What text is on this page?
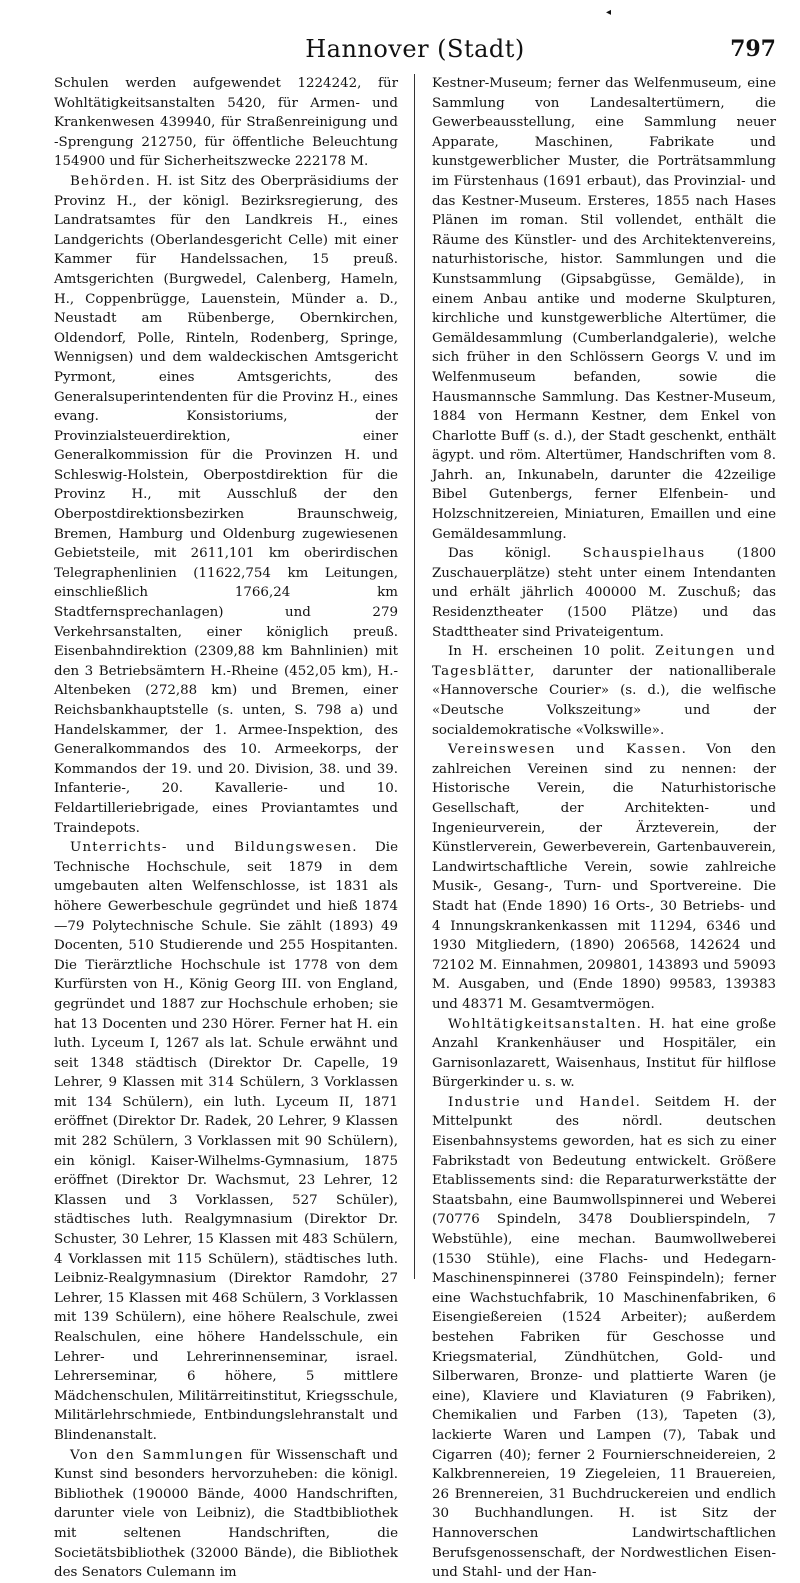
◂
Hannover (Stadt)	797

Schulen werden aufgewendet 1224242, für Wohltätigkeitsanstalten 5420, für Armen- und Krankenwesen 439940, für Straßenreinigung und -Sprengung 212750, für öffentliche Beleuchtung 154900 und für Sicherheitszwecke 222178 M.

Behörden. H. ist Sitz des Oberpräsidiums der Provinz H., der königl. Bezirksregierung, des Landratsamtes für den Landkreis H., eines Landgerichts (Oberlandesgericht Celle) mit einer Kammer für Handelssachen, 15 preuß. Amtsgerichten (Burgwedel, Calenberg, Hameln, H., Coppenbrügge, Lauenstein, Münder a. D., Neustadt am Rübenberge, Obernkirchen, Oldendorf, Polle, Rinteln, Rodenberg, Springe, Wennigsen) und dem waldeckischen Amtsgericht Pyrmont, eines Amtsgerichts, des Generalsuperintendenten für die Provinz H., eines evang. Konsistoriums, der Provinzialsteuerdirektion, einer Generalkommission für die Provinzen H. und Schleswig-Holstein, Oberpostdirektion für die Provinz H., mit Ausschluß der den Oberpostdirektionsbezirken Braunschweig, Bremen, Hamburg und Oldenburg zugewiesenen Gebietsteile, mit 2611,101 km oberirdischen Telegraphenlinien (11622,754 km Leitungen, einschließlich 1766,24 km Stadtfernsprechanlagen) und 279 Verkehrsanstalten, einer königlich preuß. Eisenbahndirektion (2309,88 km Bahnlinien) mit den 3 Betriebsämtern H.-Rheine (452,05 km), H.-Altenbeken (272,88 km) und Bremen, einer Reichsbankhauptstelle (s. unten, S. 798 a) und Handelskammer, der 1. Armee-Inspektion, des Generalkommandos des 10. Armeekorps, der Kommandos der 19. und 20. Division, 38. und 39. Infanterie-, 20. Kavallerie- und 10. Feldartilleriebrigade, eines Proviantamtes und Traindepots.

Unterrichts- und Bildungswesen. Die Technische Hochschule, seit 1879 in dem umgebauten alten Welfenschlosse, ist 1831 als höhere Gewerbeschule gegründet und hieß 1874—79 Polytechnische Schule. Sie zählt (1893) 49 Docenten, 510 Studierende und 255 Hospitanten. Die Tierärztliche Hochschule ist 1778 von dem Kurfürsten von H., König Georg III. von England, gegründet und 1887 zur Hochschule erhoben; sie hat 13 Docenten und 230 Hörer. Ferner hat H. ein luth. Lyceum I, 1267 als lat. Schule erwähnt und seit 1348 städtisch (Direktor Dr. Capelle, 19 Lehrer, 9 Klassen mit 314 Schülern, 3 Vorklassen mit 134 Schülern), ein luth. Lyceum II, 1871 eröffnet (Direktor Dr. Radek, 20 Lehrer, 9 Klassen mit 282 Schülern, 3 Vorklassen mit 90 Schülern), ein königl. Kaiser-Wilhelms-Gymnasium, 1875 eröffnet (Direktor Dr. Wachsmut, 23 Lehrer, 12 Klassen und 3 Vorklassen, 527 Schüler), städtisches luth. Realgymnasium (Direktor Dr. Schuster, 30 Lehrer, 15 Klassen mit 483 Schülern, 4 Vorklassen mit 115 Schülern), städtisches luth. Leibniz-Realgymnasium (Direktor Ramdohr, 27 Lehrer, 15 Klassen mit 468 Schülern, 3 Vorklassen mit 139 Schülern), eine höhere Realschule, zwei Realschulen, eine höhere Handelsschule, ein Lehrer- und Lehrerinnenseminar, israel. Lehrerseminar, 6 höhere, 5 mittlere Mädchenschulen, Militärreitinstitut, Kriegsschule, Militärlehrschmiede, Entbindungslehranstalt und Blindenanstalt.

Von den Sammlungen für Wissenschaft und Kunst sind besonders hervorzuheben: die königl. Bibliothek (190000 Bände, 4000 Handschriften, darunter viele von Leibniz), die Stadtbibliothek mit seltenen Handschriften, die Societätsbibliothek (32000 Bände), die Bibliothek des Senators Culemann im

Kestner-Museum; ferner das Welfenmuseum, eine Sammlung von Landesaltertümern, die Gewerbeausstellung, eine Sammlung neuer Apparate, Maschinen, Fabrikate und kunstgewerblicher Muster, die Porträtsammlung im Fürstenhaus (1691 erbaut), das Provinzial- und das Kestner-Museum. Ersteres, 1855 nach Hases Plänen im roman. Stil vollendet, enthält die Räume des Künstler- und des Architektenvereins, naturhistorische, histor. Sammlungen und die Kunstsammlung (Gipsabgüsse, Gemälde), in einem Anbau antike und moderne Skulpturen, kirchliche und kunstgewerbliche Altertümer, die Gemäldesammlung (Cumberlandgalerie), welche sich früher in den Schlössern Georgs V. und im Welfenmuseum befanden, sowie die Hausmannsche Sammlung. Das Kestner-Museum, 1884 von Hermann Kestner, dem Enkel von Charlotte Buff (s. d.), der Stadt geschenkt, enthält ägypt. und röm. Altertümer, Handschriften vom 8. Jahrh. an, Inkunabeln, darunter die 42zeilige Bibel Gutenbergs, ferner Elfenbein- und Holzschnitzereien, Miniaturen, Emaillen und eine Gemäldesammlung.

Das königl. Schauspielhaus (1800 Zuschauerplätze) steht unter einem Intendanten und erhält jährlich 400000 M. Zuschuß; das Residenztheater (1500 Plätze) und das Stadttheater sind Privateigentum.

In H. erscheinen 10 polit. Zeitungen und Tagesblätter, darunter der nationalliberale «Hannoversche Courier» (s. d.), die welfische «Deutsche Volkszeitung» und der socialdemokratische «Volkswille».

Vereinswesen und Kassen. Von den zahlreichen Vereinen sind zu nennen: der Historische Verein, die Naturhistorische Gesellschaft, der Architekten- und Ingenieurverein, der Ärzteverein, der Künstlerverein, Gewerbeverein, Gartenbauverein, Landwirtschaftliche Verein, sowie zahlreiche Musik-, Gesang-, Turn- und Sportvereine. Die Stadt hat (Ende 1890) 16 Orts-, 30 Betriebs- und 4 Innungskrankenkassen mit 11294, 6346 und 1930 Mitgliedern, (1890) 206568, 142624 und 72102 M. Einnahmen, 209801, 143893 und 59093 M. Ausgaben, und (Ende 1890) 99583, 139383 und 48371 M. Gesamtvermögen.

Wohltätigkeitsanstalten. H. hat eine große Anzahl Krankenhäuser und Hospitäler, ein Garnisonlazarett, Waisenhaus, Institut für hilflose Bürgerkinder u. s. w.

Industrie und Handel. Seitdem H. der Mittelpunkt des nördl. deutschen Eisenbahnsystems geworden, hat es sich zu einer Fabrikstadt von Bedeutung entwickelt. Größere Etablissements sind: die Reparaturwerkstätte der Staatsbahn, eine Baumwollspinnerei und Weberei (70776 Spindeln, 3478 Doublierspindeln, 7 Webstühle), eine mechan. Baumwollweberei (1530 Stühle), eine Flachs- und Hedegarn-Maschinenspinnerei (3780 Feinspindeln); ferner eine Wachstuchfabrik, 10 Maschinenfabriken, 6 Eisengießereien (1524 Arbeiter); außerdem bestehen Fabriken für Geschosse und Kriegsmaterial, Zündhütchen, Gold- und Silberwaren, Bronze- und plattierte Waren (je eine), Klaviere und Klaviaturen (9 Fabriken), Chemikalien und Farben (13), Tapeten (3), lackierte Waren und Lampen (7), Tabak und Cigarren (40); ferner 2 Fournierschneidereien, 2 Kalkbrennereien, 19 Ziegeleien, 11 Brauereien, 26 Brennereien, 31 Buchdruckereien und endlich 30 Buchhandlungen. H. ist Sitz der Hannoverschen Landwirtschaftlichen Berufsgenossenschaft, der Nordwestlichen Eisen- und Stahl- und der Han-
